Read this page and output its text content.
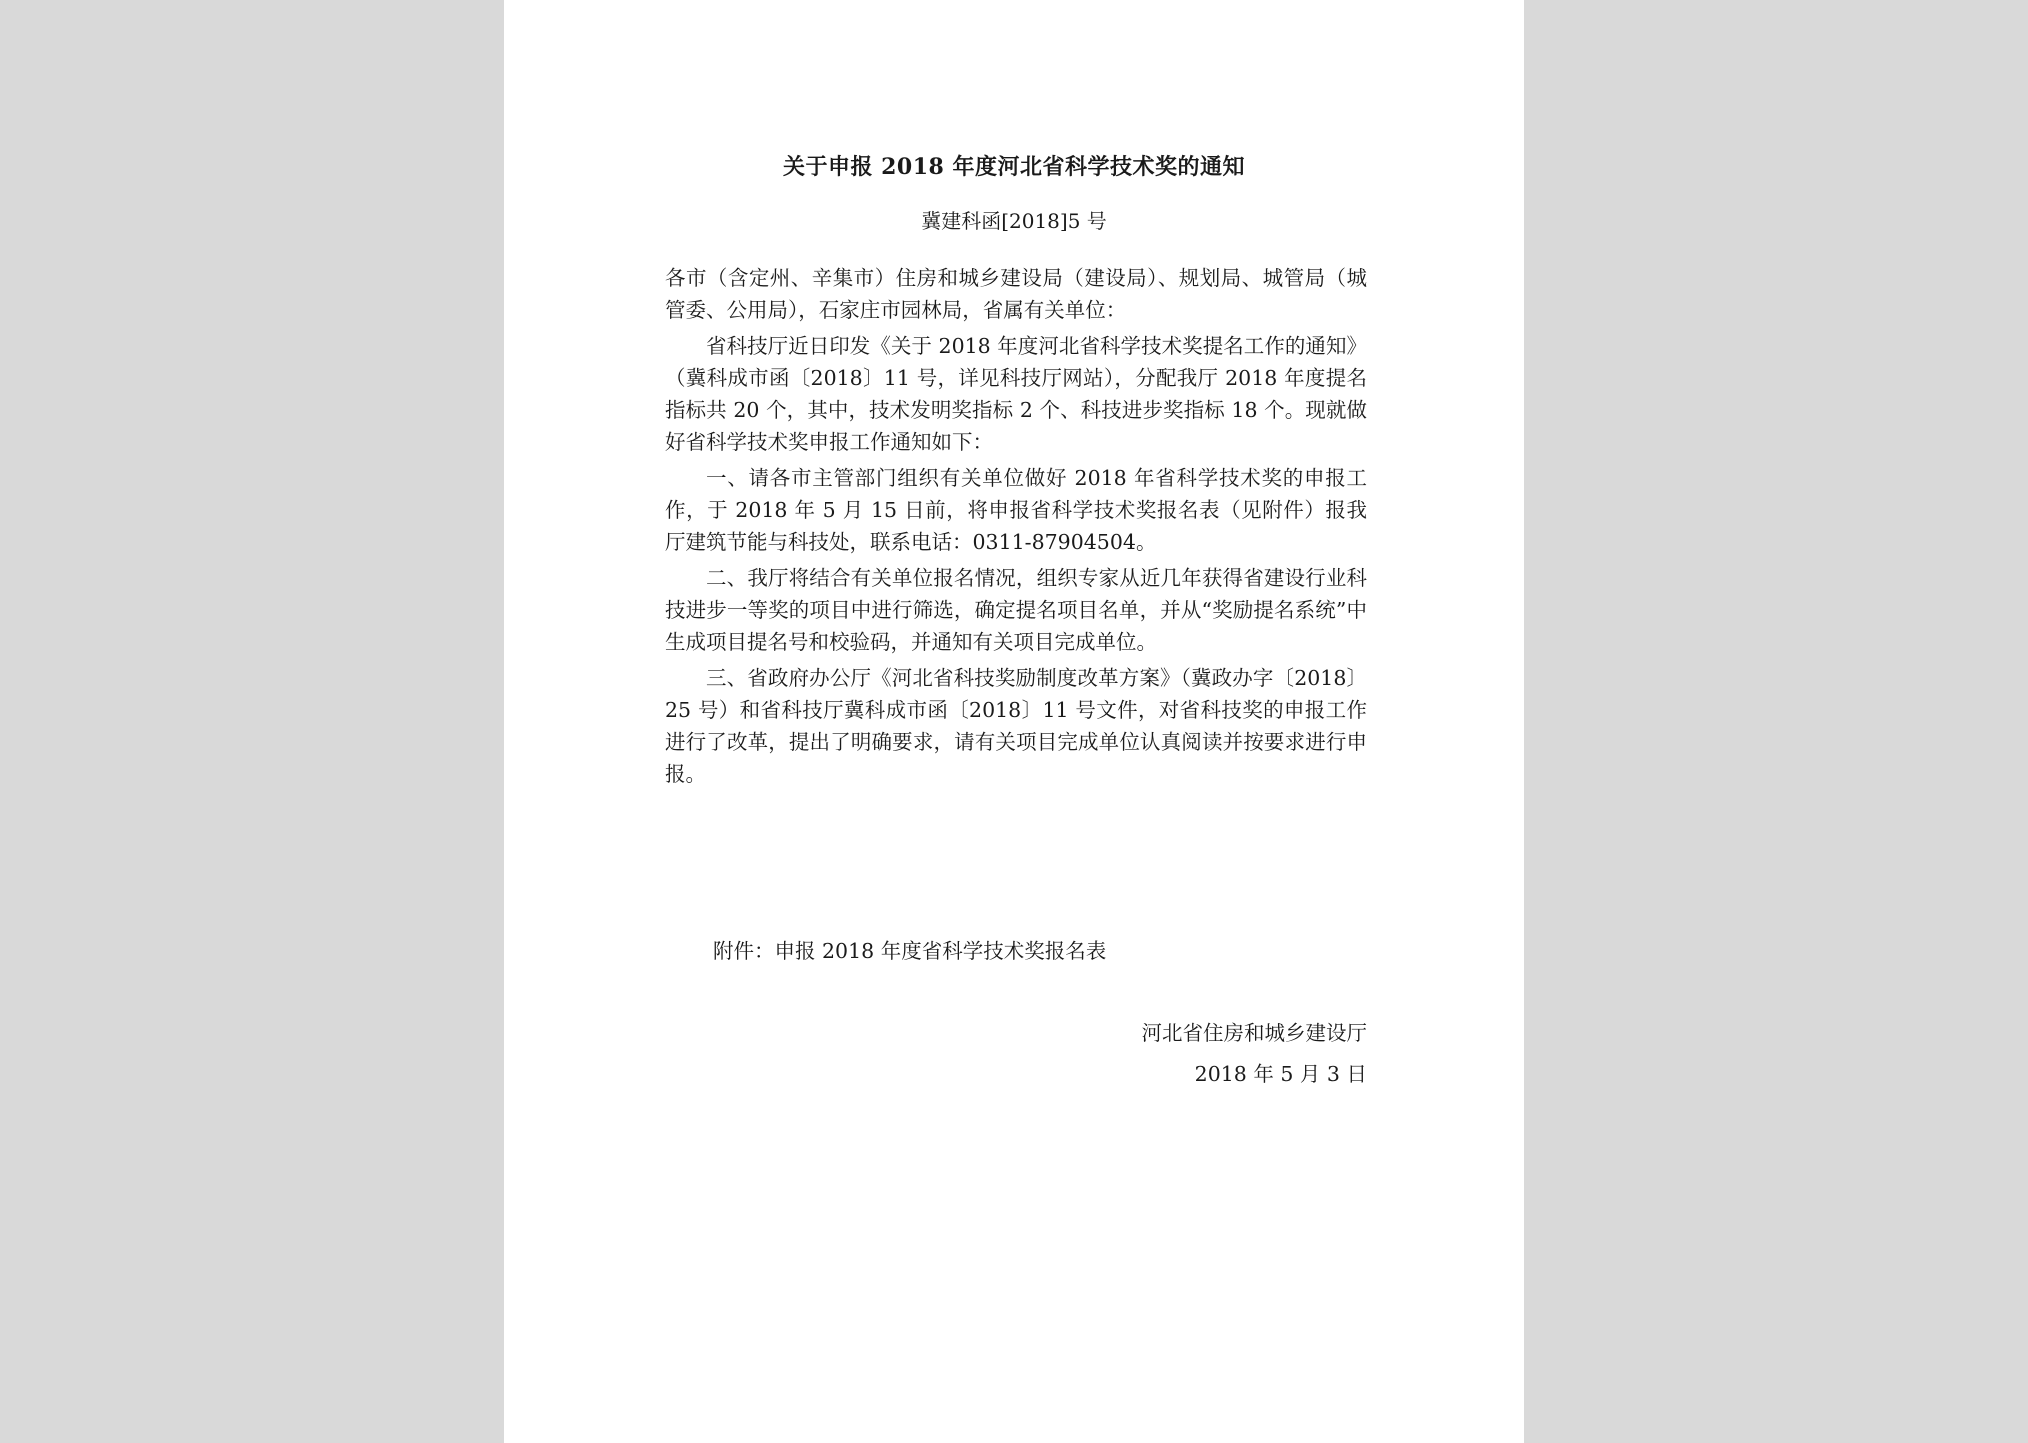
关于申报 2018 年度河北省科学技术奖的通知
冀建科函[2018]5 号

各市（含定州、辛集市）住房和城乡建设局（建设局）、规划局、城管局（城管委、公用局），石家庄市园林局，省属有关单位：

省科技厅近日印发《关于 2018 年度河北省科学技术奖提名工作的通知》（冀科成市函〔2018〕11 号，详见科技厅网站），分配我厅 2018 年度提名指标共 20 个，其中，技术发明奖指标 2 个、科技进步奖指标 18 个。现就做好省科学技术奖申报工作通知如下：

一、请各市主管部门组织有关单位做好 2018 年省科学技术奖的申报工作，于 2018 年 5 月 15 日前，将申报省科学技术奖报名表（见附件）报我厅建筑节能与科技处，联系电话：0311-87904504。

二、我厅将结合有关单位报名情况，组织专家从近几年获得省建设行业科技进步一等奖的项目中进行筛选，确定提名项目名单，并从“奖励提名系统”中生成项目提名号和校验码，并通知有关项目完成单位。

三、省政府办公厅《河北省科技奖励制度改革方案》（冀政办字〔2018〕25 号）和省科技厅冀科成市函〔2018〕11 号文件，对省科技奖的申报工作进行了改革，提出了明确要求，请有关项目完成单位认真阅读并按要求进行申报。

附件：申报 2018 年度省科学技术奖报名表
河北省住房和城乡建设厅
2018 年 5 月 3 日
